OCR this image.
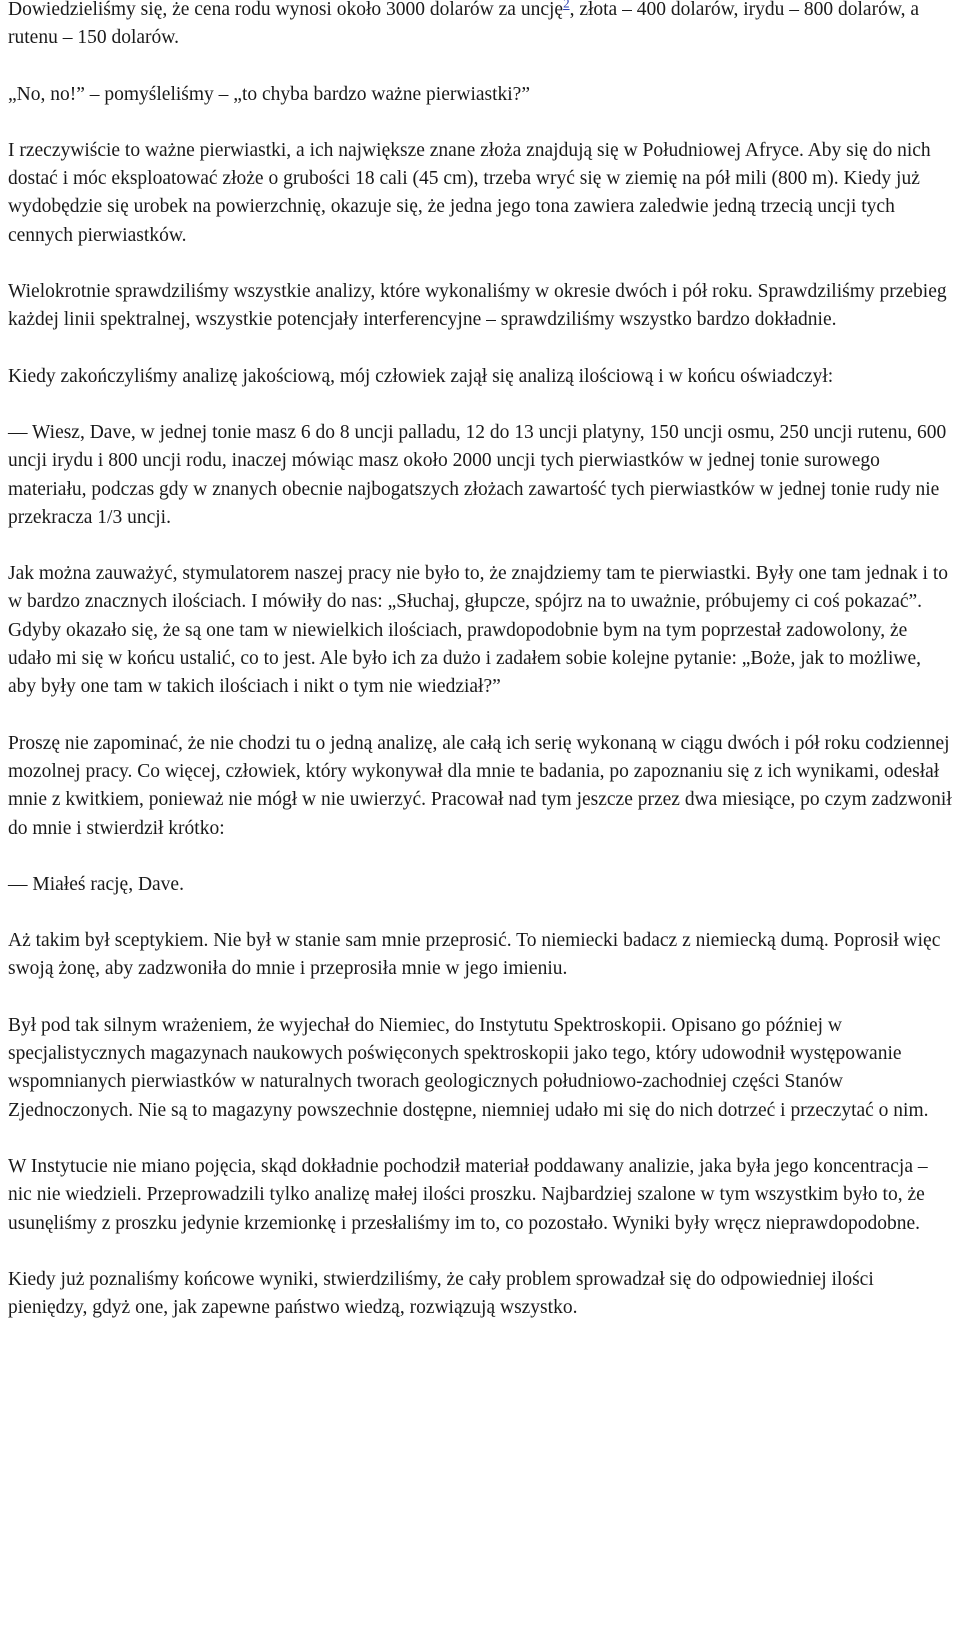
Dowiedzieliśmy się, że cena rodu wynosi około 3000 dolarów za uncję$^2$, złota – 400 dolarów, irydu – 800 dolarów, a rutenu – 150 dolarów.

„No, no!” – pomyśleliśmy – „to chyba bardzo ważne pierwiastki?”

I rzeczywiście to ważne pierwiastki, a ich największe znane złoża znajdują się w Południowej Afryce. Aby się do nich dostać i móc eksploatować złoże o grubości 18 cali (45 cm), trzeba wryć się w ziemię na pół mili (800 m). Kiedy już wydobędzie się urobek na powierzchnię, okazuje się, że jedna jego tona zawiera zaledwie jedną trzecią uncji tych cennych pierwiastków.

Wielokrotnie sprawdziliśmy wszystkie analizy, które wykonaliśmy w okresie dwóch i pół roku. Sprawdziliśmy przebieg każdej linii spektralnej, wszystkie potencjały interferencyjne – sprawdziliśmy wszystko bardzo dokładnie.

Kiedy zakończyliśmy analizę jakościową, mój człowiek zajął się analizą ilościową i w końcu oświadczył:

— Wiesz, Dave, w jednej tonie masz 6 do 8 uncji palladu, 12 do 13 uncji platyny, 150 uncji osmu, 250 uncji rutenu, 600 uncji irydu i 800 uncji rodu, inaczej mówiąc masz około 2000 uncji tych pierwiastków w jednej tonie surowego materiału, podczas gdy w znanych obecnie najbogatszych złożach zawartość tych pierwiastków w jednej tonie rudy nie przekracza 1/3 uncji.

Jak można zauważyć, stymulatorem naszej pracy nie było to, że znajdziemy tam te pierwiastki. Były one tam jednak i to w bardzo znacznych ilościach. I mówiły do nas: „Słuchaj, głupcze, spójrz na to uważnie, próbujemy ci coś pokazać”. Gdyby okazało się, że są one tam w niewielkich ilościach, prawdopodobnie bym na tym poprzestał zadowolony, że udało mi się w końcu ustalić, co to jest. Ale było ich za dużo i zadałem sobie kolejne pytanie: „Boże, jak to możliwe, aby były one tam w takich ilościach i nikt o tym nie wiedział?”

Proszę nie zapominać, że nie chodzi tu o jedną analizę, ale całą ich serię wykonaną w ciągu dwóch i pół roku codziennej mozolnej pracy. Co więcej, człowiek, który wykonywał dla mnie te badania, po zapoznaniu się z ich wynikami, odesłał mnie z kwitkiem, ponieważ nie mógł w nie uwierzyć. Pracował nad tym jeszcze przez dwa miesiące, po czym zadzwonił do mnie i stwierdził krótko:

— Miałeś rację, Dave.

Aż takim był sceptykiem. Nie był w stanie sam mnie przeprosić. To niemiecki badacz z niemiecką dumą. Poprosił więc swoją żonę, aby zadzwoniła do mnie i przeprosiła mnie w jego imieniu.

Był pod tak silnym wrażeniem, że wyjechał do Niemiec, do Instytutu Spektroskopii. Opisano go później w specjalistycznych magazynach naukowych poświęconych spektroskopii jako tego, który udowodnił występowanie wspomnianych pierwiastków w naturalnych tworach geologicznych południowo-zachodniej części Stanów Zjednoczonych. Nie są to magazyny powszechnie dostępne, niemniej udało mi się do nich dotrzeć i przeczytać o nim.

W Instytucie nie miano pojęcia, skąd dokładnie pochodził materiał poddawany analizie, jaka była jego koncentracja – nic nie wiedzieli. Przeprowadzili tylko analizę małej ilości proszku. Najbardziej szalone w tym wszystkim było to, że usunęliśmy z proszku jedynie krzemionkę i przesłaliśmy im to, co pozostało. Wyniki były wręcz nieprawdopodobne.

Kiedy już poznaliśmy końcowe wyniki, stwierdziliśmy, że cały problem sprowadzał się do odpowiedniej ilości pieniędzy, gdyż one, jak zapewne państwo wiedzą, rozwiązują wszystko.
